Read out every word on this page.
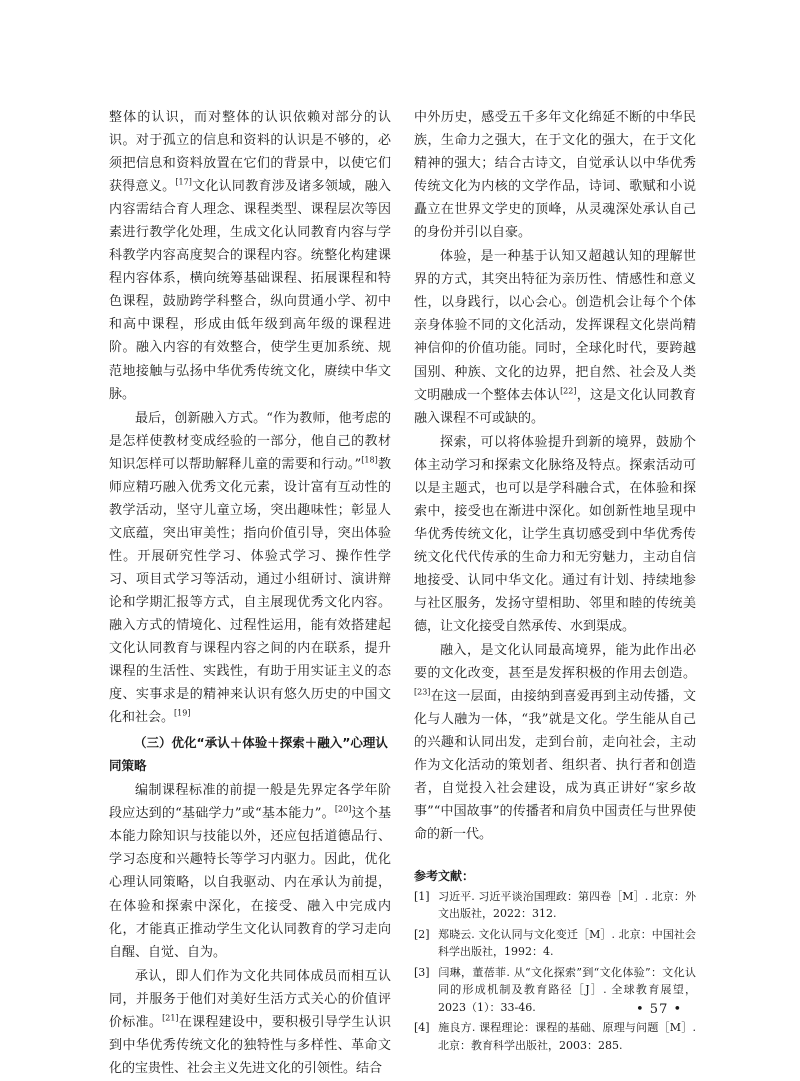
整体的认识，而对整体的认识依赖对部分的认识。对于孤立的信息和资料的认识是不够的，必须把信息和资料放置在它们的背景中，以使它们获得意义。[17]文化认同教育涉及诸多领域，融入内容需结合育人理念、课程类型、课程层次等因素进行教学化处理，生成文化认同教育内容与学科教学内容高度契合的课程内容。统整化构建课程内容体系，横向统筹基础课程、拓展课程和特色课程，鼓励跨学科整合，纵向贯通小学、初中和高中课程，形成由低年级到高年级的课程进阶。融入内容的有效整合，使学生更加系统、规范地接触与弘扬中华优秀传统文化，赓续中华文脉。

最后，创新融入方式。“作为教师，他考虑的是怎样使教材变成经验的一部分，他自己的教材知识怎样可以帮助解释儿童的需要和行动。”[18]教师应精巧融入优秀文化元素，设计富有互动性的教学活动，坚守儿童立场，突出趣味性；彰显人文底蕴，突出审美性；指向价值引导，突出体验性。开展研究性学习、体验式学习、操作性学习、项目式学习等活动，通过小组研讨、演讲辩论和学期汇报等方式，自主展现优秀文化内容。融入方式的情境化、过程性运用，能有效搭建起文化认同教育与课程内容之间的内在联系，提升课程的生活性、实践性，有助于用实证主义的态度、实事求是的精神来认识有悠久历史的中国文化和社会。[19]

（三）优化“承认＋体验＋探索＋融入”心理认同策略

编制课程标准的前提一般是先界定各学年阶段应达到的“基础学力”或“基本能力”。[20]这个基本能力除知识与技能以外，还应包括道德品行、学习态度和兴趣特长等学习内驱力。因此，优化心理认同策略，以自我驱动、内在承认为前提，在体验和探索中深化，在接受、融入中完成内化，才能真正推动学生文化认同教育的学习走向自醒、自觉、自为。

承认，即人们作为文化共同体成员而相互认同，并服务于他们对美好生活方式关心的价值评价标准。[21]在课程建设中，要积极引导学生认识到中华优秀传统文化的独特性与多样性、革命文化的宝贵性、社会主义先进文化的引领性。结合

中外历史，感受五千多年文化绵延不断的中华民族，生命力之强大，在于文化的强大，在于文化精神的强大；结合古诗文，自觉承认以中华优秀传统文化为内核的文学作品，诗词、歌赋和小说矗立在世界文学史的顶峰，从灵魂深处承认自己的身份并引以自豪。

体验，是一种基于认知又超越认知的理解世界的方式，其突出特征为亲历性、情感性和意义性，以身践行，以心会心。创造机会让每个个体亲身体验不同的文化活动，发挥课程文化崇尚精神信仰的价值功能。同时，全球化时代，要跨越国别、种族、文化的边界，把自然、社会及人类文明融成一个整体去体认[22]，这是文化认同教育融入课程不可或缺的。

探索，可以将体验提升到新的境界，鼓励个体主动学习和探索文化脉络及特点。探索活动可以是主题式，也可以是学科融合式，在体验和探索中，接受也在渐进中深化。如创新性地呈现中华优秀传统文化，让学生真切感受到中华优秀传统文化代代传承的生命力和无穷魅力，主动自信地接受、认同中华文化。通过有计划、持续地参与社区服务，发扬守望相助、邻里和睦的传统美德，让文化接受自然承传、水到渠成。

融入，是文化认同最高境界，能为此作出必要的文化改变，甚至是发挥积极的作用去创造。[23]在这一层面，由接纳到喜爱再到主动传播，文化与人融为一体，“我”就是文化。学生能从自己的兴趣和认同出发，走到台前，走向社会，主动作为文化活动的策划者、组织者、执行者和创造者，自觉投入社会建设，成为真正讲好“家乡故事”“中国故事”的传播者和肩负中国责任与世界使命的新一代。

参考文献：
[1] 习近平. 习近平谈治国理政：第四卷［M］. 北京：外文出版社，2022：312.
[2] 郑晓云. 文化认同与文化变迁［M］. 北京：中国社会科学出版社，1992：4.
[3] 闫琳，董蓓菲. 从“文化探索”到“文化体验”：文化认同的形成机制及教育路径［J］. 全球教育展望，2023（1）：33-46.
[4] 施良方. 课程理论：课程的基础、原理与问题［M］. 北京：教育科学出版社，2003：285.
• 57 •
